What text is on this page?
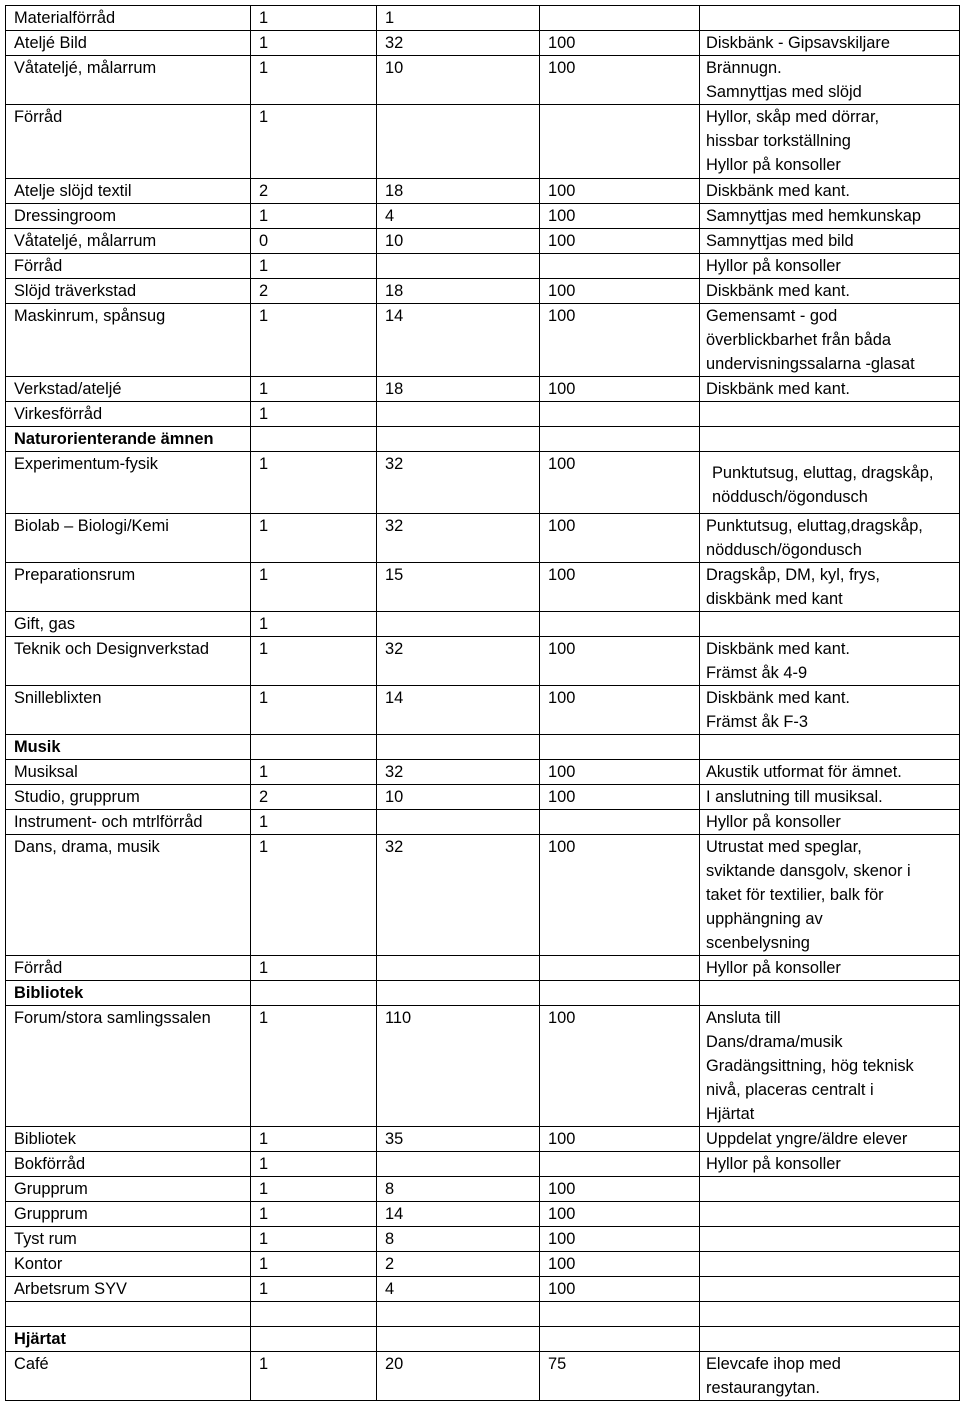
Materialförråd	1	1		
Ateljé Bild	1	32	100	Diskbänk - Gipsavskiljare
Våtateljé, målarrum	1	10	100	Brännugn.
Samnyttjas med slöjd
Förråd	1			Hyllor, skåp med dörrar,
hissbar torkställning
Hyllor på konsoller
Atelje slöjd textil	2	18	100	Diskbänk med kant.
Dressingroom	1	4	100	Samnyttjas med hemkunskap
Våtateljé, målarrum	0	10	100	Samnyttjas med bild
Förråd	1			Hyllor på konsoller
Slöjd träverkstad	2	18	100	Diskbänk med kant.
Maskinrum, spånsug	1	14	100	Gemensamt - god
överblickbarhet från båda
undervisningssalarna -glasat
Verkstad/ateljé	1	18	100	Diskbänk med kant.
Virkesförråd	1			
Naturorienterande ämnen				
Experimentum-fysik	1	32	100	Punktutsug, eluttag, dragskåp,
nöddusch/ögondusch
Biolab – Biologi/Kemi	1	32	100	Punktutsug, eluttag,dragskåp,
nöddusch/ögondusch
Preparationsrum	1	15	100	Dragskåp, DM, kyl, frys,
diskbänk med kant
Gift, gas	1			
Teknik och Designverkstad	1	32	100	Diskbänk med kant.
Främst åk 4-9
Snilleblixten	1	14	100	Diskbänk med kant.
Främst åk F-3
Musik				
Musiksal	1	32	100	Akustik utformat för ämnet.
Studio, grupprum	2	10	100	I anslutning till musiksal.
Instrument- och mtrlförråd	1			Hyllor på konsoller
Dans, drama, musik	1	32	100	Utrustat med speglar,
sviktande dansgolv, skenor i
taket för textilier, balk för
upphängning av
scenbelysning
Förråd	1			Hyllor på konsoller
Bibliotek				
Forum/stora samlingssalen	1	110	100	Ansluta till
Dans/drama/musik
Gradängsittning, hög teknisk
nivå, placeras centralt i
Hjärtat
Bibliotek	1	35	100	Uppdelat yngre/äldre elever
Bokförråd	1			Hyllor på konsoller
Grupprum	1	8	100	
Grupprum	1	14	100	
Tyst rum	1	8	100	
Kontor	1	2	100	
Arbetsrum SYV	1	4	100	

Hjärtat				
Café	1	20	75	Elevcafe ihop med
restaurangytan.
